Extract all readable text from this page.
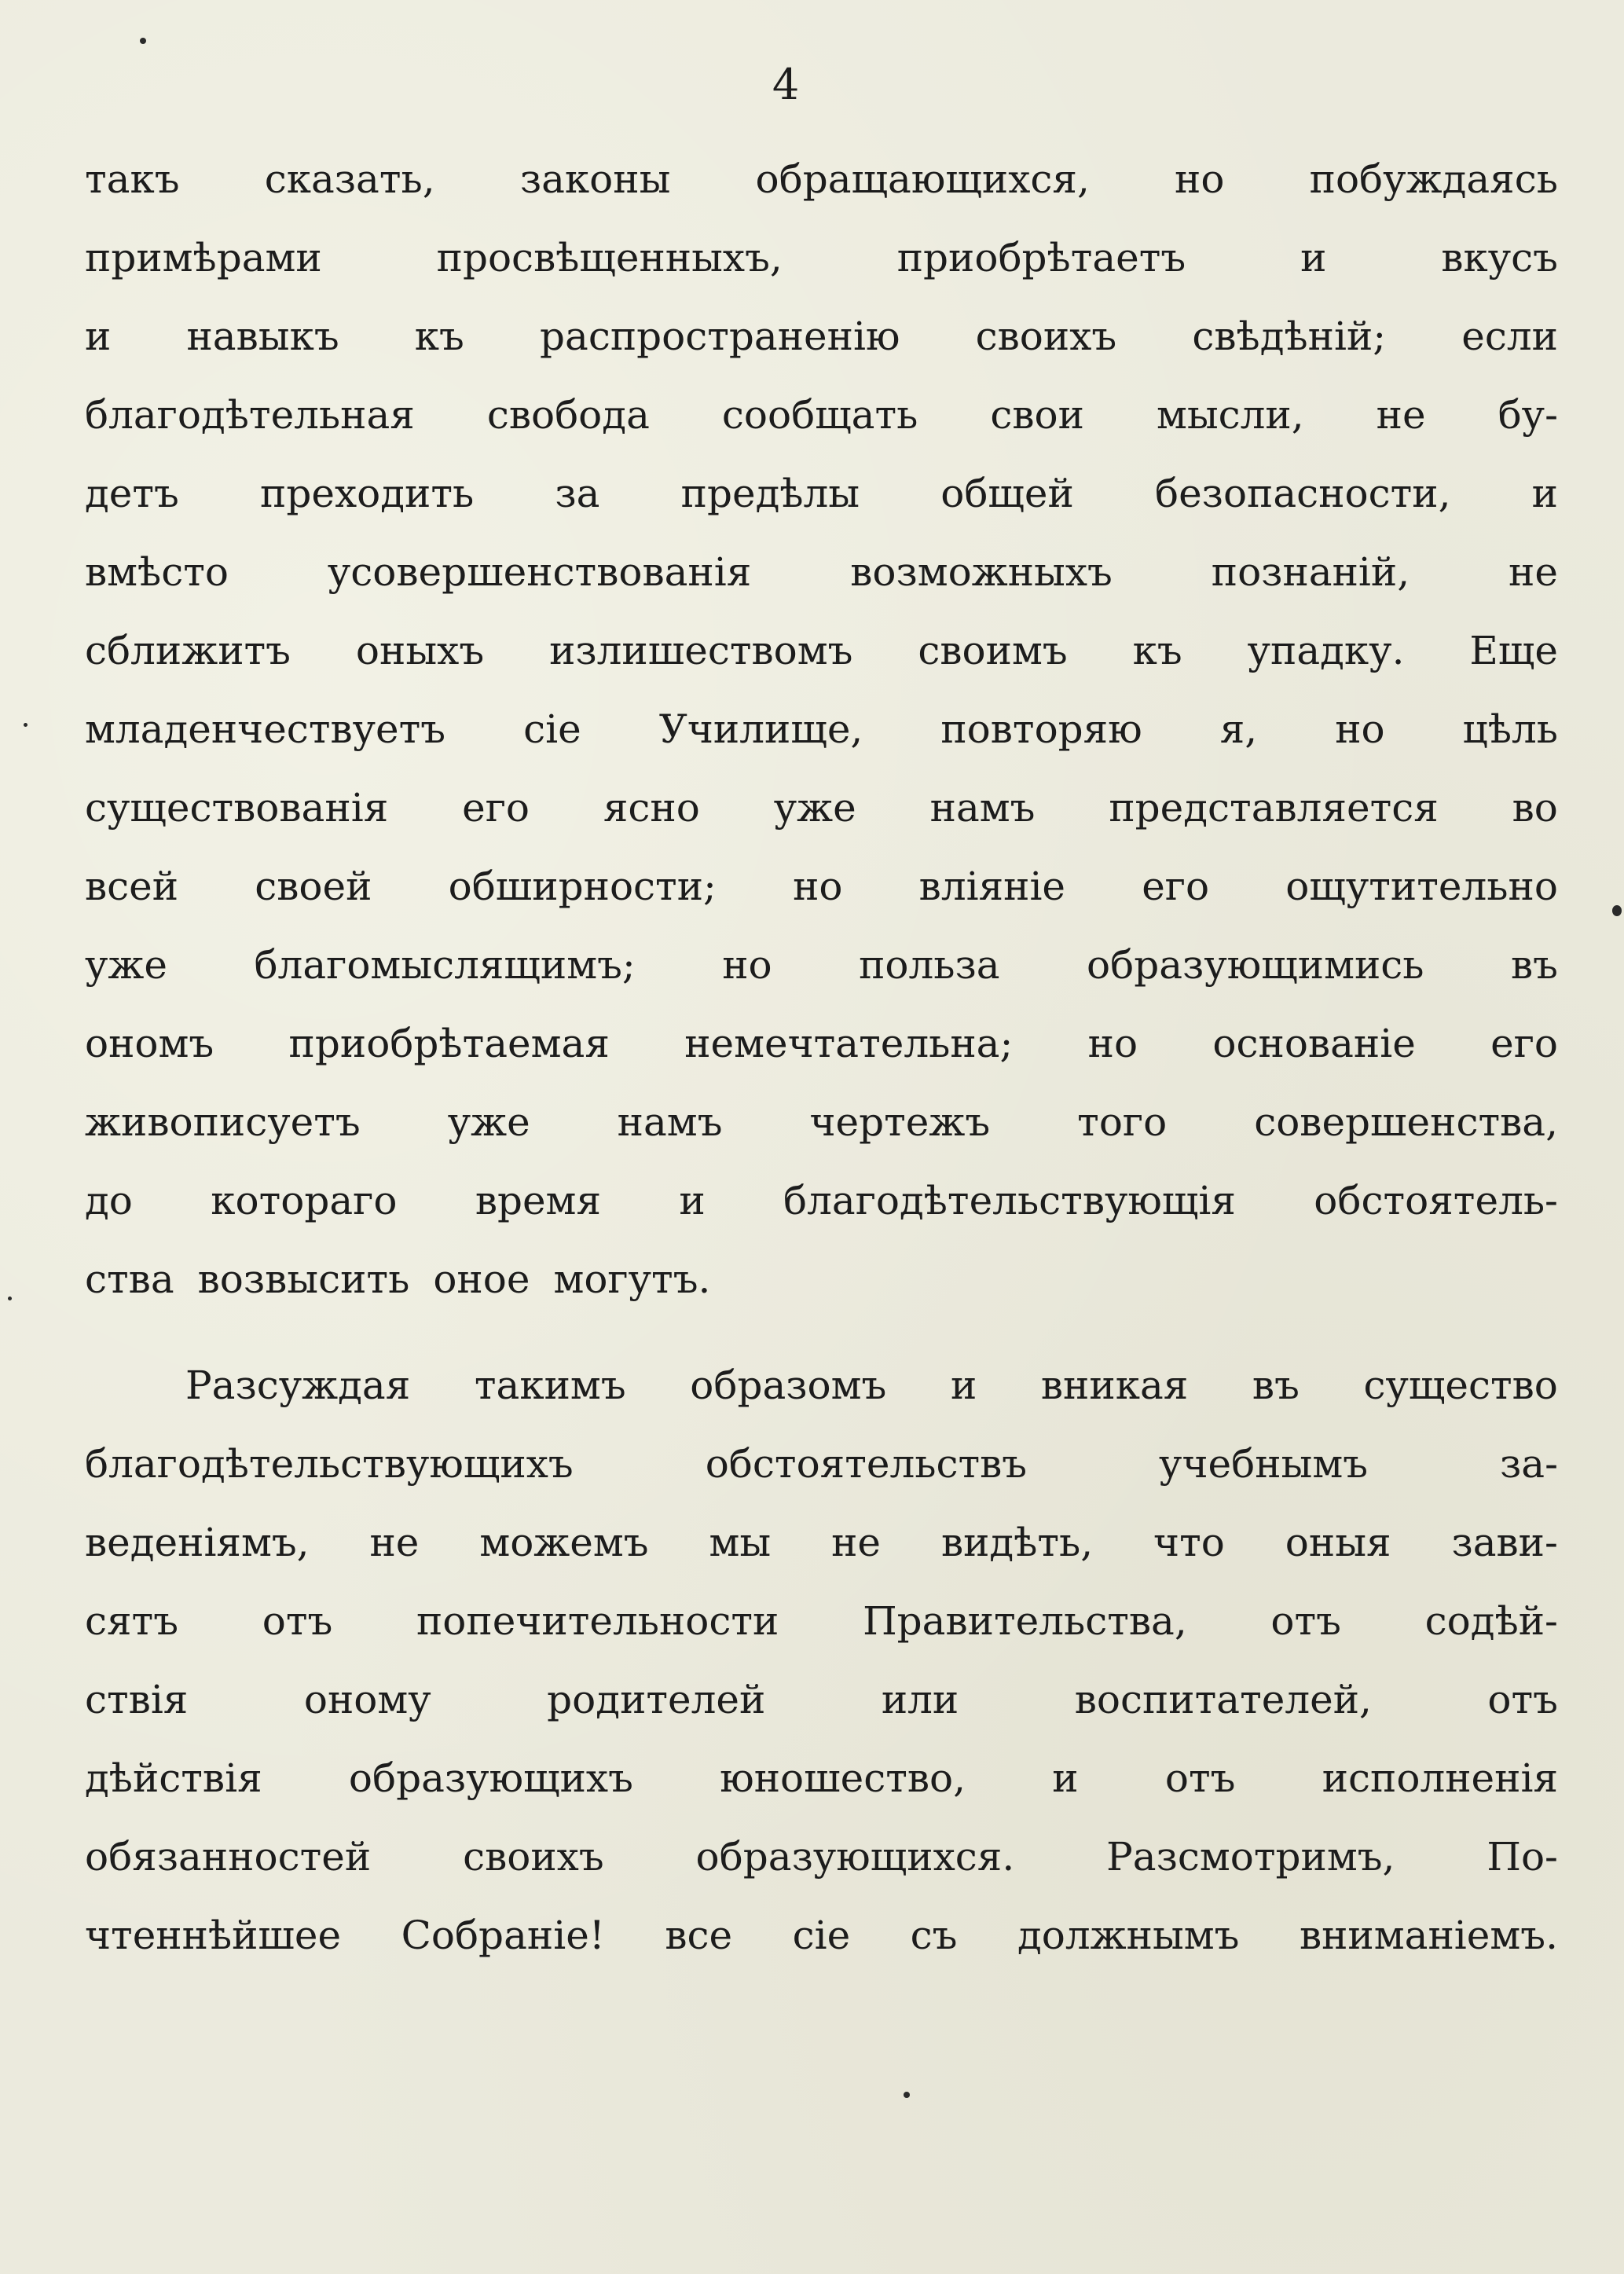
4
такъ сказать, законы обращающихся, но побуждаясь
примѣрами	просвѣщенныхъ,	приобрѣтаетъ	и	вкусъ
и навыкъ къ распространенію своихъ свѣдѣній; если
благодѣтельная свобода сообщать свои мысли, не бу-
детъ преходить за предѣлы общей безопасности, и
вмѣсто	усовершенствованія	возможныхъ	познаній,	не
сближитъ оныхъ излишествомъ своимъ къ упадку. Еще
младенчествуетъ сіе Училище, повторяю я, но цѣль
существованія его ясно уже намъ представляется во
всей своей обширности; но вліяніе его ощутительно
уже благомыслящимъ; но польза образующимись въ
ономъ приобрѣтаемая немечтательна; но основаніе его
живописуетъ уже намъ чертежъ того совершенства,
до котораго время и благодѣтельствующія обстоятель-
ства возвысить оное могутъ.
Разсуждая такимъ образомъ и вникая въ существо
благодѣтельствующихъ	обстоятельствъ	учебнымъ	за-
веденіямъ, не можемъ мы не видѣть, что оныя зави-
сятъ отъ попечительности Правительства, отъ содѣй-
ствія	оному	родителей	или	воспитателей,	отъ
дѣйствія образующихъ юношество, и отъ исполненія
обязанностей своихъ образующихся. Разсмотримъ, По-
чтеннѣйшее Собраніе! все сіе съ должнымъ вниманіемъ.
